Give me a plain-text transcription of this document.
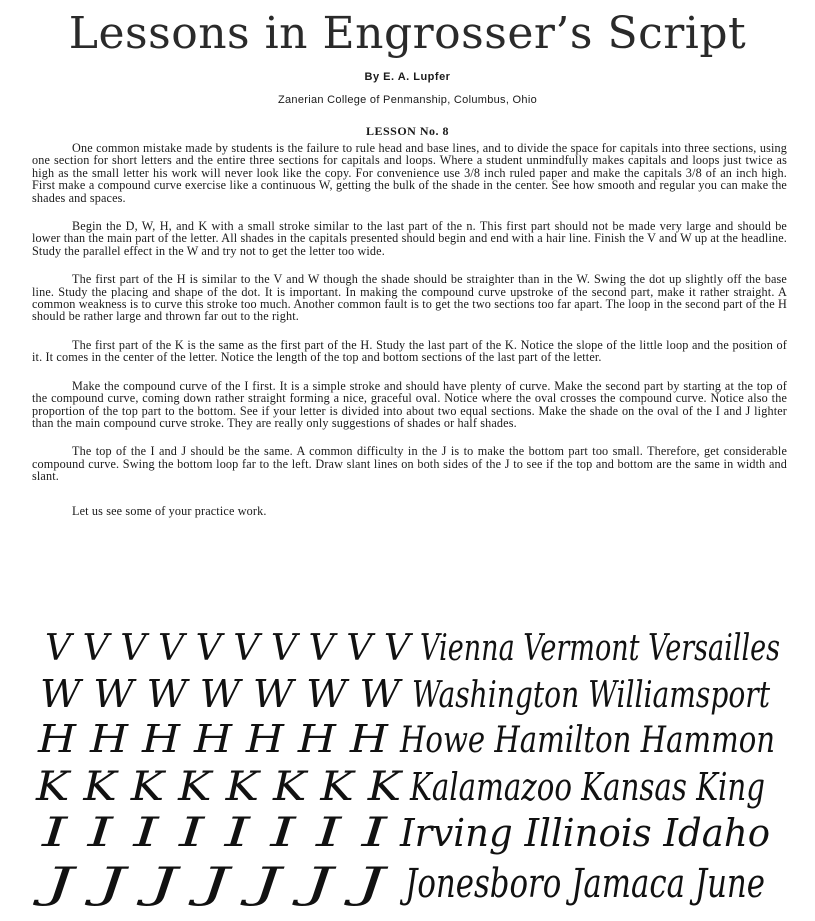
Lessons in Engrosser’s Script
By E. A. Lupfer
Zanerian College of Penmanship, Columbus, Ohio
LESSON No. 8

One common mistake made by students is the failure to rule head and base lines, and to divide the space for capitals into three sections, using one section for short letters and the entire three sections for capitals and loops. Where a student unmindfully makes capitals and loops just twice as high as the small letter his work will never look like the copy. For convenience use 3/8 inch ruled paper and make the capitals 3/8 of an inch high. First make a compound curve exercise like a continuous W, getting the bulk of the shade in the center. See how smooth and regular you can make the shades and spaces.

Begin the D, W, H, and K with a small stroke similar to the last part of the n. This first part should not be made very large and should be lower than the main part of the letter. All shades in the capitals presented should begin and end with a hair line. Finish the V and W up at the headline. Study the parallel effect in the W and try not to get the letter too wide.

The first part of the H is similar to the V and W though the shade should be straighter than in the W. Swing the dot up slightly off the base line. Study the placing and shape of the dot. It is important. In making the compound curve upstroke of the second part, make it rather straight. A common weakness is to curve this stroke too much. Another common fault is to get the two sections too far apart. The loop in the second part of the H should be rather large and thrown far out to the right.

The first part of the K is the same as the first part of the H. Study the last part of the K. Notice the slope of the little loop and the position of it. It comes in the center of the letter. Notice the length of the top and bottom sections of the last part of the letter.

Make the compound curve of the I first. It is a simple stroke and should have plenty of curve. Make the second part by starting at the top of the compound curve, coming down rather straight forming a nice, graceful oval. Notice where the oval crosses the compound curve. Notice also the proportion of the top part to the bottom. See if your letter is divided into about two equal sections. Make the shade on the oval of the I and J lighter than the main compound curve stroke. They are really only suggestions of shades or half shades.

The top of the I and J should be the same. A common difficulty in the J is to make the bottom part too small. Therefore, get considerable compound curve. Swing the bottom loop far to the left. Draw slant lines on both sides of the J to see if the top and bottom are the same in width and slant.

Let us see some of your practice work.

V V V V V V V V V V Vienna Vermont Versailles
W W W W W W W Washington Williamsport
H H H H H H H Howe Hamilton Hammon
K K K K K K K K Kalamazoo Kansas King
I I I I I I I I Irving Illinois Idaho
J J J J J J J Jonesboro Jamaca June
